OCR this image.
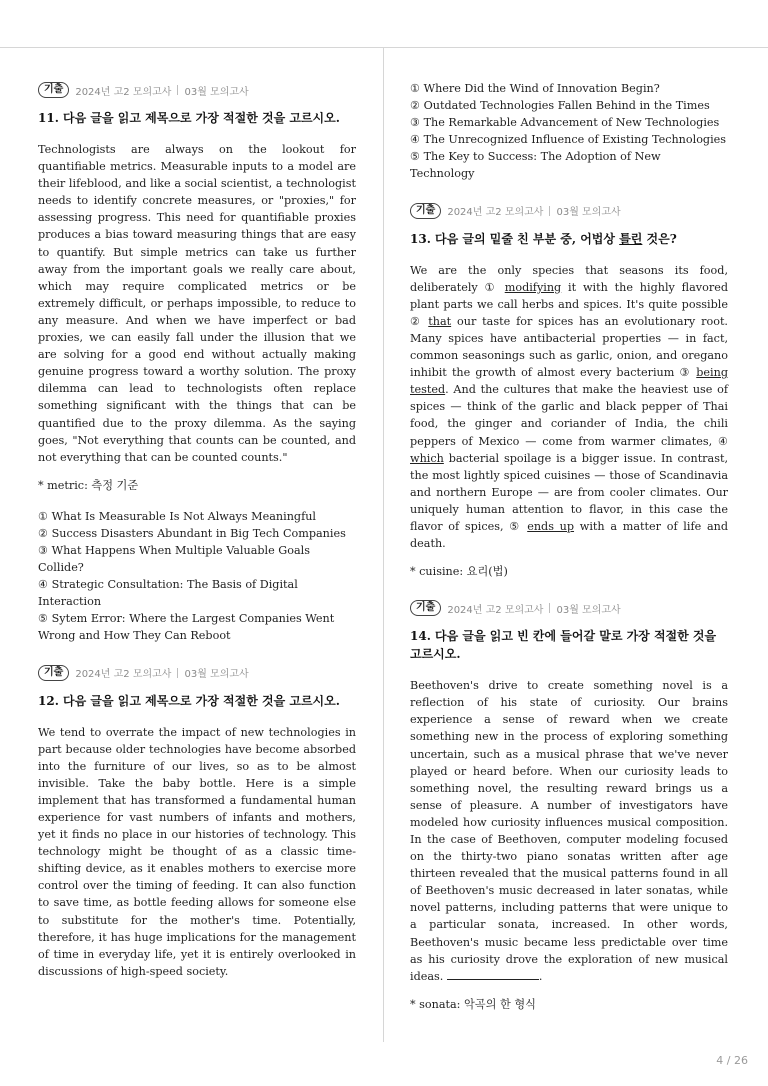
기출	2024년 고2 모의고사 03월 모의고사
11. 다음 글을 읽고 제목으로 가장 적절한 것을 고르시오.

Technologists are always on the lookout for quantifiable metrics. Measurable inputs to a model are their lifeblood, and like a social scientist, a technologist needs to identify concrete measures, or "proxies," for assessing progress. This need for quantifiable proxies produces a bias toward measuring things that are easy to quantify. But simple metrics can take us further away from the important goals we really care about, which may require complicated metrics or be extremely difficult, or perhaps impossible, to reduce to any measure. And when we have imperfect or bad proxies, we can easily fall under the illusion that we are solving for a good end without actually making genuine progress toward a worthy solution. The proxy dilemma can lead to technologists often replace something significant with the things that can be quantified due to the proxy dilemma. As the saying goes, "Not everything that counts can be counted, and not everything that can be counted counts."

* metric: 측정 기준
① What Is Measurable Is Not Always Meaningful
② Success Disasters Abundant in Big Tech Companies
③ What Happens When Multiple Valuable Goals Collide?
④ Strategic Consultation: The Basis of Digital Interaction
⑤ Sytem Error: Where the Largest Companies Went Wrong and How They Can Reboot
기출	2024년 고2 모의고사 03월 모의고사
12. 다음 글을 읽고 제목으로 가장 적절한 것을 고르시오.

We tend to overrate the impact of new technologies in part because older technologies have become absorbed into the furniture of our lives, so as to be almost invisible. Take the baby bottle. Here is a simple implement that has transformed a fundamental human experience for vast numbers of infants and mothers, yet it finds no place in our histories of technology. This technology might be thought of as a classic time-shifting device, as it enables mothers to exercise more control over the timing of feeding. It can also function to save time, as bottle feeding allows for someone else to substitute for the mother's time. Potentially, therefore, it has huge implications for the management of time in everyday life, yet it is entirely overlooked in discussions of high-speed society.

① Where Did the Wind of Innovation Begin?
② Outdated Technologies Fallen Behind in the Times
③ The Remarkable Advancement of New Technologies
④ The Unrecognized Influence of Existing Technologies
⑤ The Key to Success: The Adoption of New Technology
기출	2024년 고2 모의고사 03월 모의고사
13. 다음 글의 밑줄 친 부분 중, 어법상 틀린 것은?

We are the only species that seasons its food, deliberately ① modifying it with the highly flavored plant parts we call herbs and spices. It's quite possible ② that our taste for spices has an evolutionary root. Many spices have antibacterial properties — in fact, common seasonings such as garlic, onion, and oregano inhibit the growth of almost every bacterium ③ being tested. And the cultures that make the heaviest use of spices — think of the garlic and black pepper of Thai food, the ginger and coriander of India, the chili peppers of Mexico — come from warmer climates, ④ which bacterial spoilage is a bigger issue. In contrast, the most lightly spiced cuisines — those of Scandinavia and northern Europe — are from cooler climates. Our uniquely human attention to flavor, in this case the flavor of spices, ⑤ ends up with a matter of life and death.

* cuisine: 요리(법)
기출	2024년 고2 모의고사 03월 모의고사
14. 다음 글을 읽고 빈 칸에 들어갈 말로 가장 적절한 것을 고르시오.

Beethoven's drive to create something novel is a reflection of his state of curiosity. Our brains experience a sense of reward when we create something new in the process of exploring something uncertain, such as a musical phrase that we've never played or heard before. When our curiosity leads to something novel, the resulting reward brings us a sense of pleasure. A number of investigators have modeled how curiosity influences musical composition. In the case of Beethoven, computer modeling focused on the thirty-two piano sonatas written after age thirteen revealed that the musical patterns found in all of Beethoven's music decreased in later sonatas, while novel patterns, including patterns that were unique to a particular sonata, increased. In other words, Beethoven's music became less predictable over time as his curiosity drove the exploration of new musical ideas.	.

* sonata: 악곡의 한 형식
4 / 26
